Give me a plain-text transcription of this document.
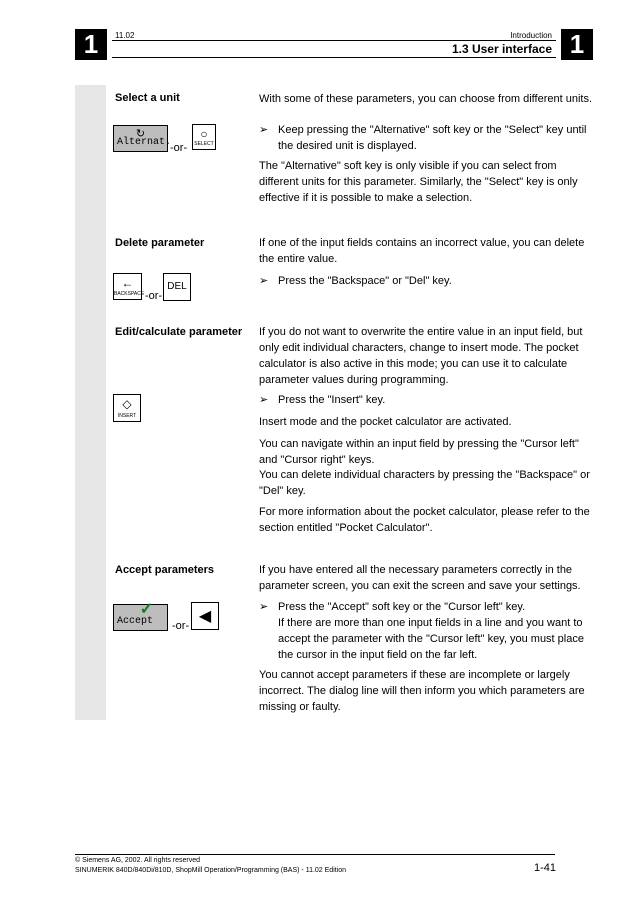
1	11.02	Introduction
1.3 User interface 1
Select a unit	With some of these parameters, you can choose from different units.
↻
Alternat.
-or-
○
SELECT
➢ Keep pressing the "Alternative" soft key or the "Select" key until the desired unit is displayed.
The "Alternative" soft key is only visible if you can select from different units for this parameter. Similarly, the "Select" key is only effective if it is possible to make a selection.
Delete parameter	If one of the input fields contains an incorrect value, you can delete the entire value.
←
BACKSPACE -or-
DEL	➢ Press the "Backspace" or "Del" key.
Edit/calculate parameter If you do not want to overwrite the entire value in an input field, but only edit individual characters, change to insert mode. The pocket calculator is also active in this mode; you can use it to calculate parameter values during programming.
◇
INSERT
➢ Press the "Insert" key.
Insert mode and the pocket calculator are activated.
You can navigate within an input field by pressing the "Cursor left" and "Cursor right" keys.
You can delete individual characters by pressing the "Backspace" or "Del" key.
For more information about the pocket calculator, please refer to the section entitled "Pocket Calculator".
Accept parameters	If you have entered all the necessary parameters correctly in the parameter screen, you can exit the screen and save your settings.
✓
Accept -or-
◀
➢ Press the "Accept" soft key or the "Cursor left" key.
If there are more than one input fields in a line and you want to accept the parameter with the "Cursor left" key, you must place the cursor in the input field on the far left.
You cannot accept parameters if these are incomplete or largely incorrect. The dialog line will then inform you which parameters are missing or faulty.
© Siemens AG, 2002. All rights reserved
SINUMERIK 840D/840Di/810D, ShopMill Operation/Programming (BAS) - 11.02 Edition	1-41
